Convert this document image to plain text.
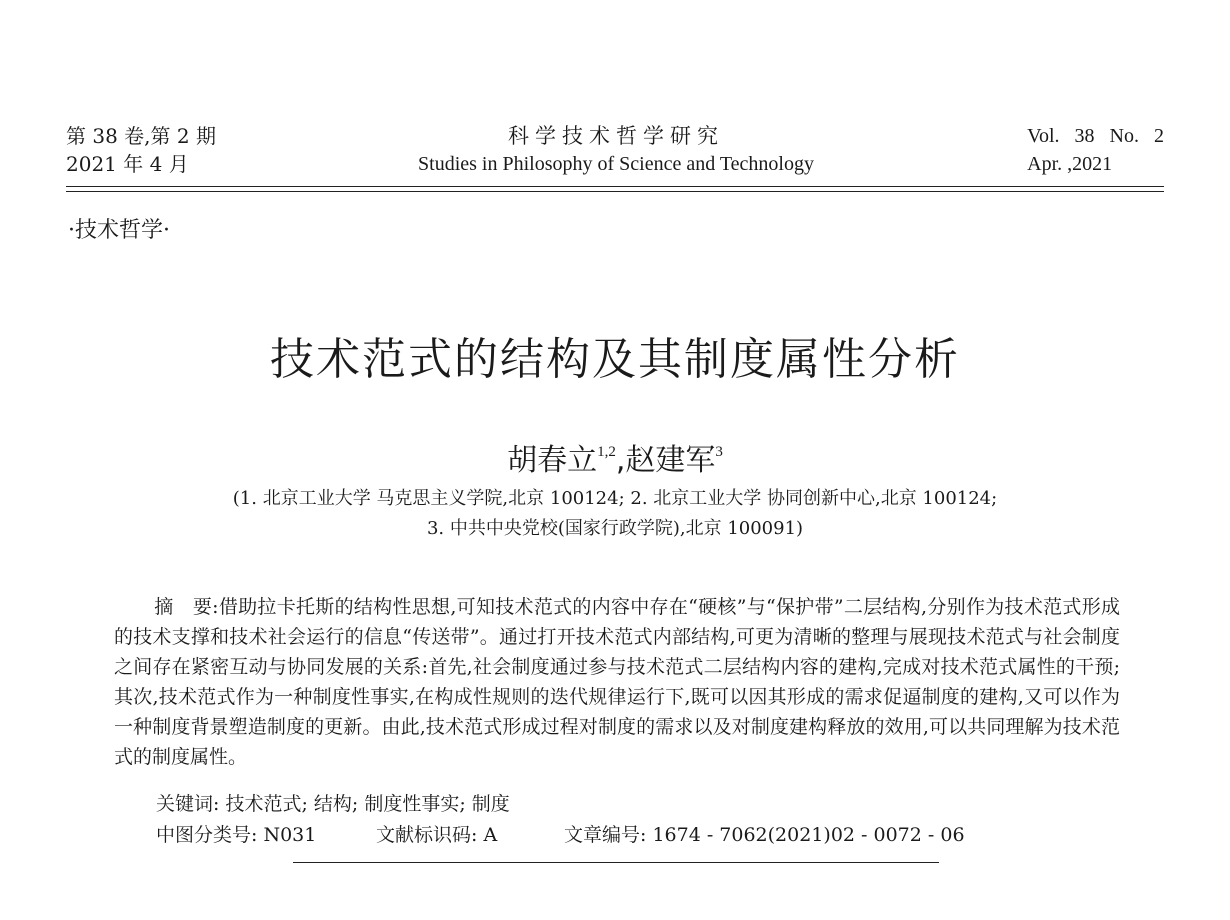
第 38 卷,第 2 期
2021 年 4 月
科学技术哲学研究
Studies in Philosophy of Science and Technology
Vol. 38 No. 2
Apr. ,2021
·技术哲学·
技术范式的结构及其制度属性分析
胡春立$^{1,2}$,赵建军$^3$
(1. 北京工业大学 马克思主义学院,北京 100124; 2. 北京工业大学 协同创新中心,北京 100124;
3. 中共中央党校(国家行政学院),北京 100091)
摘　要:借助拉卡托斯的结构性思想,可知技术范式的内容中存在“硬核”与“保护带”二层结构,分别作为技术范式形成的技术支撑和技术社会运行的信息“传送带”。通过打开技术范式内部结构,可更为清晰的整理与展现技术范式与社会制度之间存在紧密互动与协同发展的关系:首先,社会制度通过参与技术范式二层结构内容的建构,完成对技术范式属性的干预;其次,技术范式作为一种制度性事实,在构成性规则的迭代规律运行下,既可以因其形成的需求促逼制度的建构,又可以作为一种制度背景塑造制度的更新。由此,技术范式形成过程对制度的需求以及对制度建构释放的效用,可以共同理解为技术范式的制度属性。
关键词: 技术范式; 结构; 制度性事实; 制度
中图分类号: N031	文献标识码: A	文章编号: 1674 - 7062(2021)02 - 0072 - 06
